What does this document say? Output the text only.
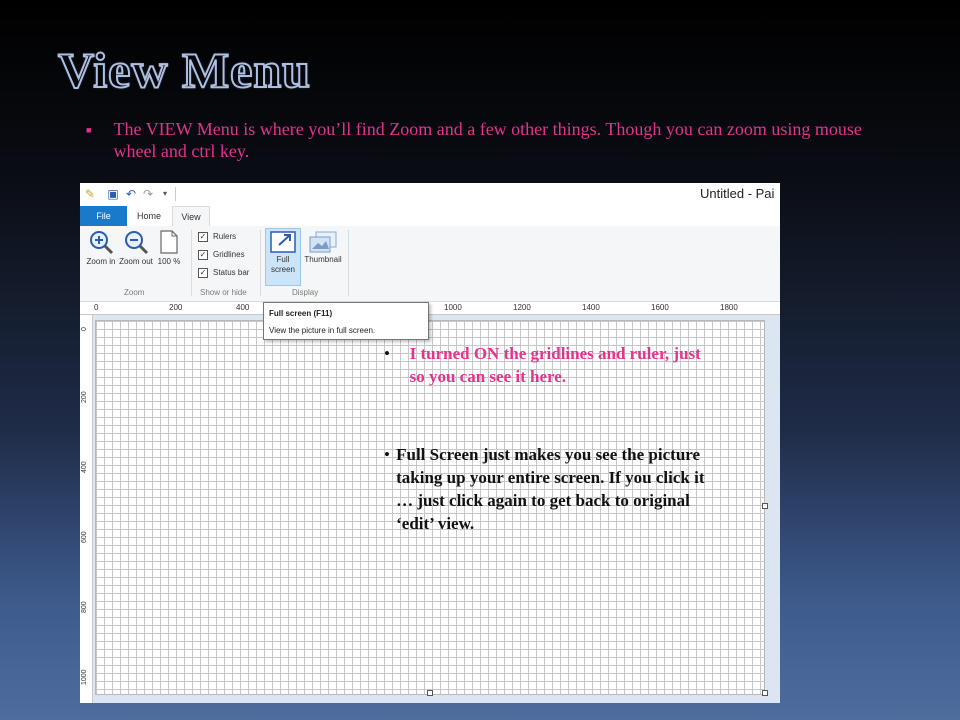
View Menu
■	The VIEW Menu is where you’ll find Zoom and a few other things. Though you can zoom using mouse wheel and ctrl key.
✎ ▣ ↶ ↷	▾	Untitled - Pai
File	Home	View
Zoom in Zoom out 100 %
Zoom
✓ Rulers
✓ Gridlines
✓ Status bar
Show or hide
Full screen
Thumbnail
Display
0	200	400	1000	1200	1400	1600	1800
0
200
400
600
800
1000
Full screen (F11)
View the picture in full screen.
•	I turned ON the gridlines and ruler, just so you can see it here.
• Full Screen just makes you see the picture taking up your entire screen. If you click it … just click again to get back to original ‘edit’ view.
